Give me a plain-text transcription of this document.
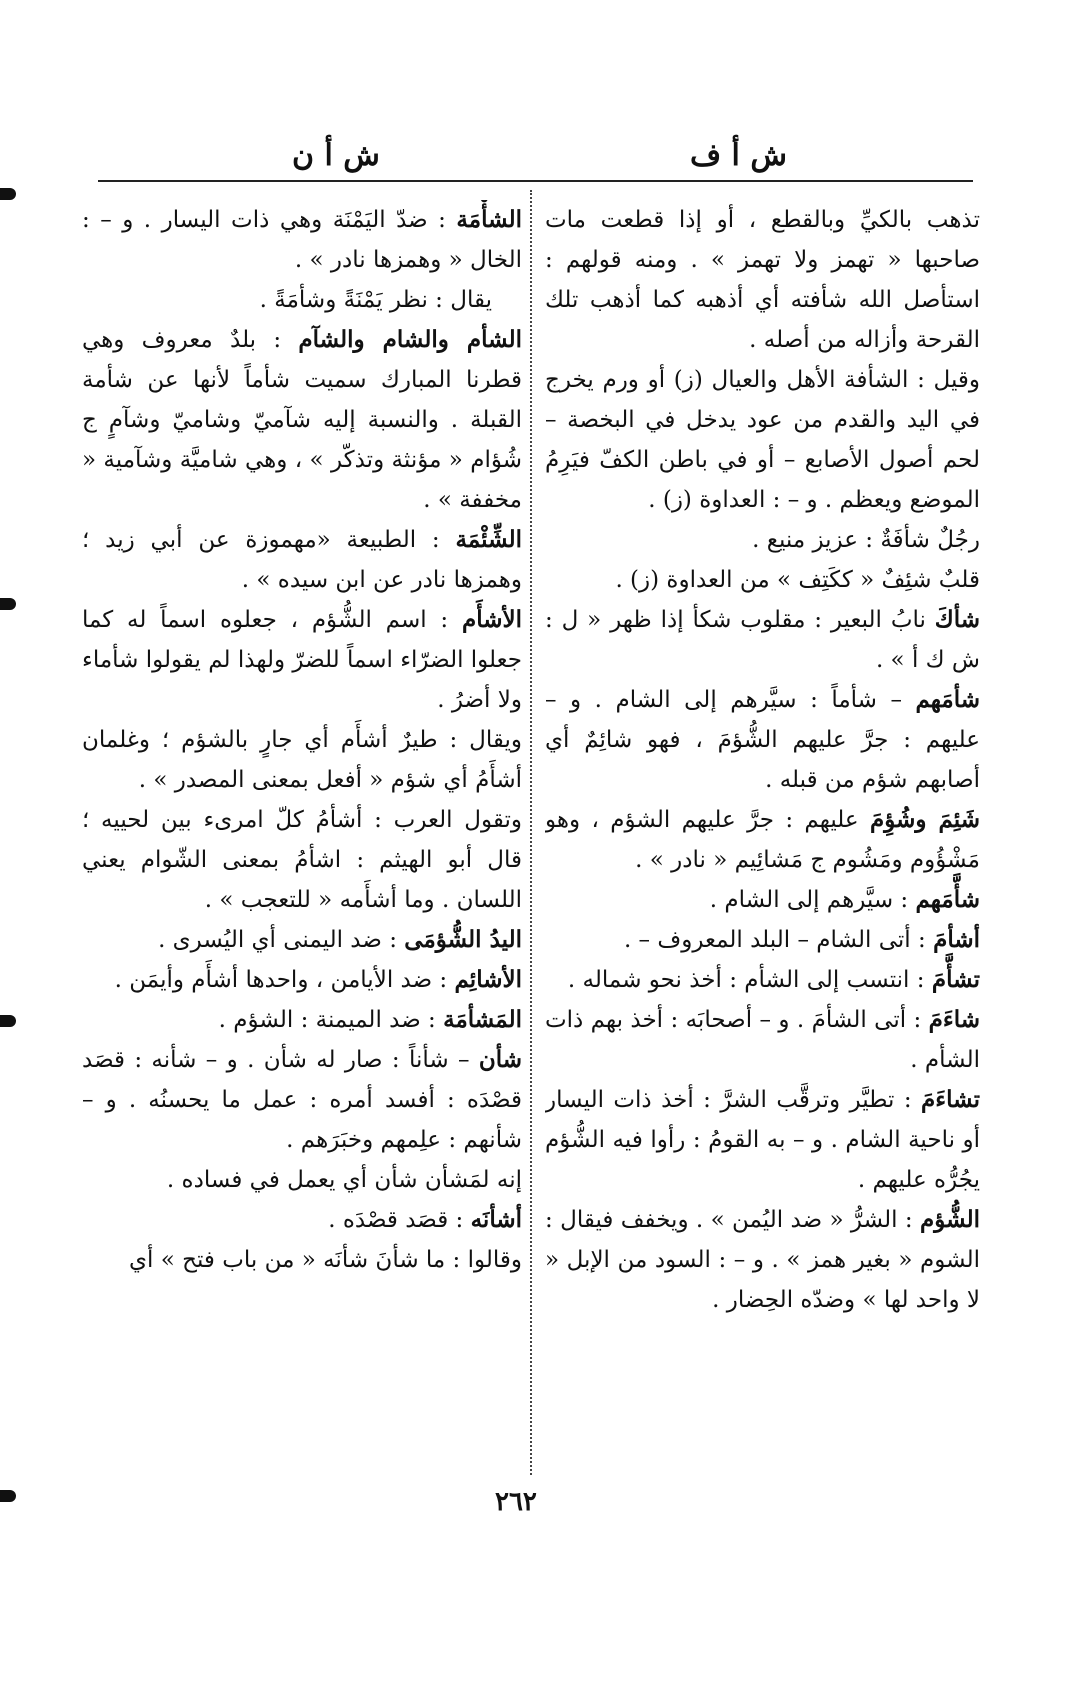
ش أ ف
ش أ ن

تذهب بالكيِّ وبالقطع ، أو إذا قطعت مات صاحبها « تهمز ولا تهمز » . ومنه قولهم : استأصل الله شأفته أي أذهبه كما أذهب تلك القرحة وأزاله من أصله .

وقيل : الشأفة الأهل والعيال (ز) أو ورم يخرج في اليد والقدم من عود يدخل في البخصة – لحم أصول الأصابع – أو في باطن الكفّ فيَرِمُ الموضع ويعظم . و – : العداوة (ز) .

رجُلٌ شأفَةٌ : عزيز منيع .

قلبٌ شئِفٌ « ككَتِف » من العداوة (ز) .

شأكَ نابُ البعير : مقلوب شكأ إذا ظهر « ل : ش ك أ » .

شأمَهم – شأماً : سيَّرهم إلى الشام . و – عليهم : جرَّ عليهم الشُّؤمَ ، فهو شائِمٌ أي أصابهم شؤم من قبله .

شَئِمَ وشُؤِمَ عليهم : جرَّ عليهم الشؤم ، وهو مَشْؤُوم ومَشُوم ج مَشائِيم « نادر » .

شأَّمَهم : سيَّرهم إلى الشام .

أشأمَ : أتى الشام – البلد المعروف – .

تشأَّمَ : انتسب إلى الشأم : أخذ نحو شماله .

شاءَمَ : أتى الشأمَ . و – أصحابَه : أخذ بهم ذات الشأم .

تشاءَمَ : تطيَّر وترقَّب الشرَّ : أخذ ذات اليسار أو ناحية الشام . و – به القومُ : رأوا فيه الشُّؤم يجُرُّه عليهم .

الشُّؤم : الشرُّ « ضد اليُمن » . ويخفف فيقال : الشوم « بغير همز » . و – : السود من الإبل « لا واحد لها » وضدّه الحِضار .

الشأْمَة : ضدّ اليَمْنَة وهي ذات اليسار . و – : الخال « وهمزها نادر » .

يقال : نظر يَمْنَةً وشأمَةً .

الشأم والشام والشآم : بلدٌ معروف وهي قطرنا المبارك سميت شأماً لأنها عن شأمة القبلة . والنسبة إليه شآميّ وشاميّ وشآمٍ ج شُؤام « مؤنثة وتذكّر » ، وهي شاميَّة وشآمية « مخففة » .

الشِّئْمَة : الطبيعة «مهموزة عن أبي زيد ؛ وهمزها نادر عن ابن سيده » .

الأشأَم : اسم الشُّؤم ، جعلوه اسماً له كما جعلوا الضرّاء اسماً للضرّ ولهذا لم يقولوا شأماء ولا أضرُ .

ويقال : طيرٌ أشأَم أي جارٍ بالشؤم ؛ وغلمان أشأَمُ أي شؤم « أفعل بمعنى المصدر » .

وتقول العرب : أشأمُ كلّ امرىء بين لحييه ؛ قال أبو الهيثم : اشأمُ بمعنى الشّوام يعني اللسان . وما أشأَمه « للتعجب » .

اليدُ الشُّؤمَى : ضد اليمنى أي اليُسرى .

الأشائِم : ضد الأيامن ، واحدها أشأَم وأيمَن .

المَشأمَة : ضد الميمنة : الشؤم .

شأن – شأناً : صار له شأن . و – شأنه : قصَد قصْدَه : أفسد أمره : عمل ما يحسنُه . و – شأنهم : علِمهم وخبَرَهم .

إنه لمَشأن شأن أي يعمل في فساده .

أشأنَه : قصَد قصْدَه .

وقالوا : ما شأنَ شأنَه « من باب فتح » أي

٢٦٢
